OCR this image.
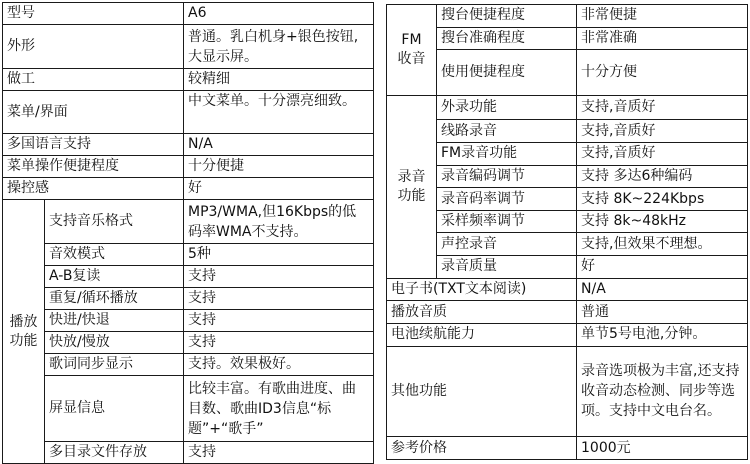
型号		A6
外形		普通。乳白机身+银色按钮,大显示屏。
做工		较精细
菜单/界面		中文菜单。十分漂亮细致。
多国语言支持		N/A
菜单操作便捷程度		十分便捷
操控感		好
播放功能	支持音乐格式	MP3/WMA,但16Kbps的低码率WMA不支持。
	音效模式	5种
	A-B复读	支持
	重复/循环播放	支持
	快进/快退	支持
	快放/慢放	支持
	歌词同步显示	支持。效果极好。
	屏显信息	比较丰富。有歌曲进度、曲目数、歌曲ID3信息“标题”+“歌手”
	多目录文件存放	支持
FM收音	搜台便捷程度	非常便捷
	搜台准确程度	非常准确
	使用便捷程度	十分方便
录音功能	外录功能	支持,音质好
	线路录音	支持,音质好
	FM录音功能	支持,音质好
	录音编码调节	支持 多达6种编码
	录音码率调节	支持 8K~224Kbps
	采样频率调节	支持 8k~48kHz
	声控录音	支持,但效果不理想。
	录音质量	好
电子书(TXT文本阅读)		N/A
播放音质		普通
电池续航能力		单节5号电池,分钟。
其他功能		录音选项极为丰富,还支持收音动态检测、同步等选项。支持中文电台名。
参考价格		1000元
